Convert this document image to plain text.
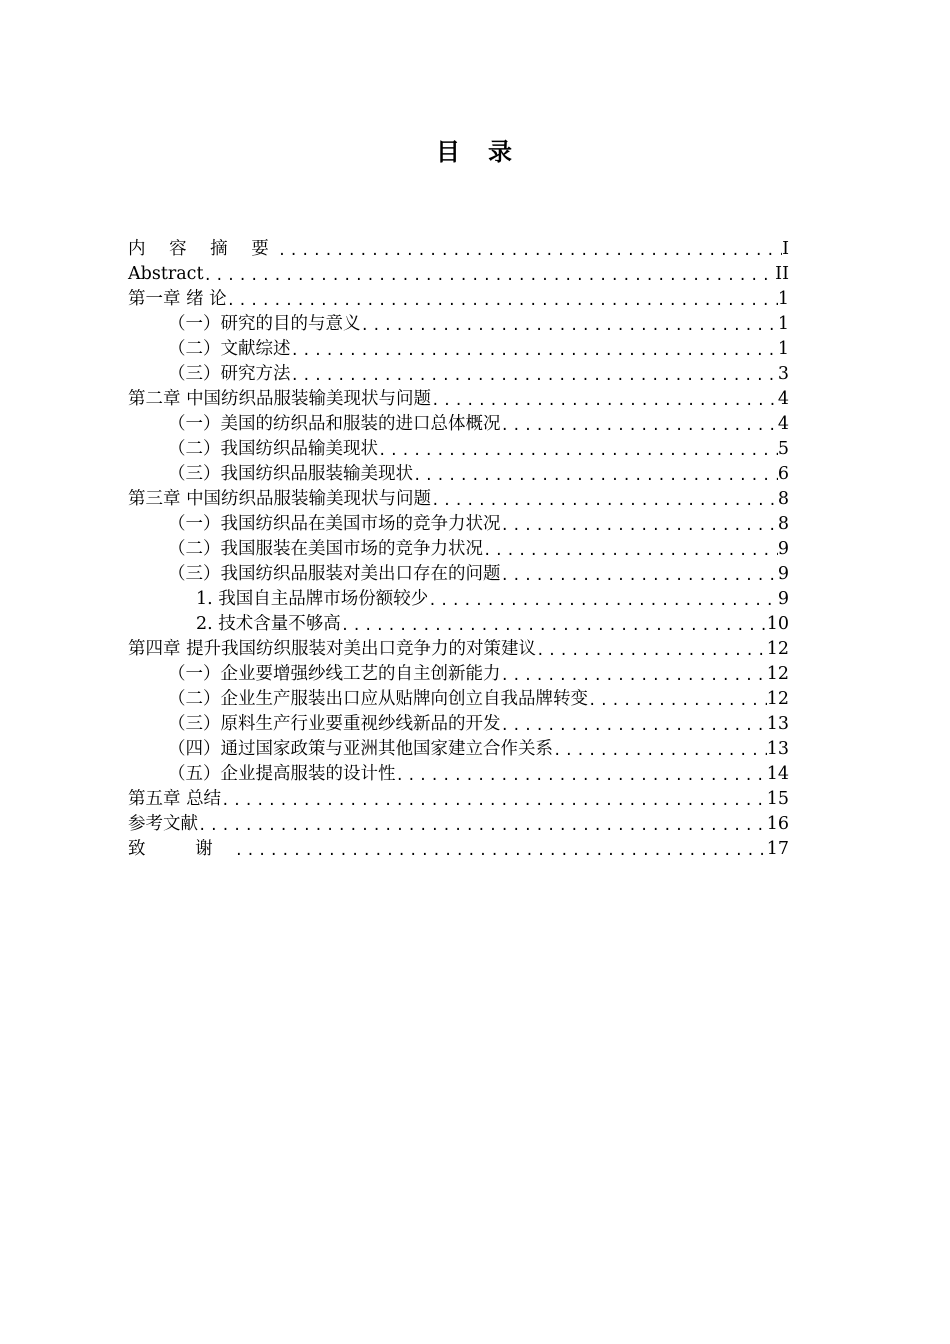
目　录
内 容 摘 要 .....	I
Abstract .....	II
第一章 绪 论 .....	1
（一）研究的目的与意义 .....	1
（二）文献综述 .....	1
（三）研究方法 .....	3
第二章 中国纺织品服装输美现状与问题 .....	4
（一）美国的纺织品和服装的进口总体概况 .....	4
（二）我国纺织品输美现状 .....	5
（三）我国纺织品服装输美现状 .....	6
第三章 中国纺织品服装输美现状与问题 .....	8
（一）我国纺织品在美国市场的竞争力状况 .....	8
（二）我国服装在美国市场的竞争力状况 .....	9
（三）我国纺织品服装对美出口存在的问题 .....	9
1. 我国自主品牌市场份额较少 .....	9
2. 技术含量不够高 .....	10
第四章 提升我国纺织服装对美出口竞争力的对策建议 .....	12
（一）企业要增强纱线工艺的自主创新能力 .....	12
（二）企业生产服装出口应从贴牌向创立自我品牌转变 .....	12
（三）原料生产行业要重视纱线新品的开发 .....	13
（四）通过国家政策与亚洲其他国家建立合作关系 .....	13
（五）企业提高服装的设计性 .....	14
第五章 总结 .....	15
参考文献 .....	16
致 谢 .....	17
